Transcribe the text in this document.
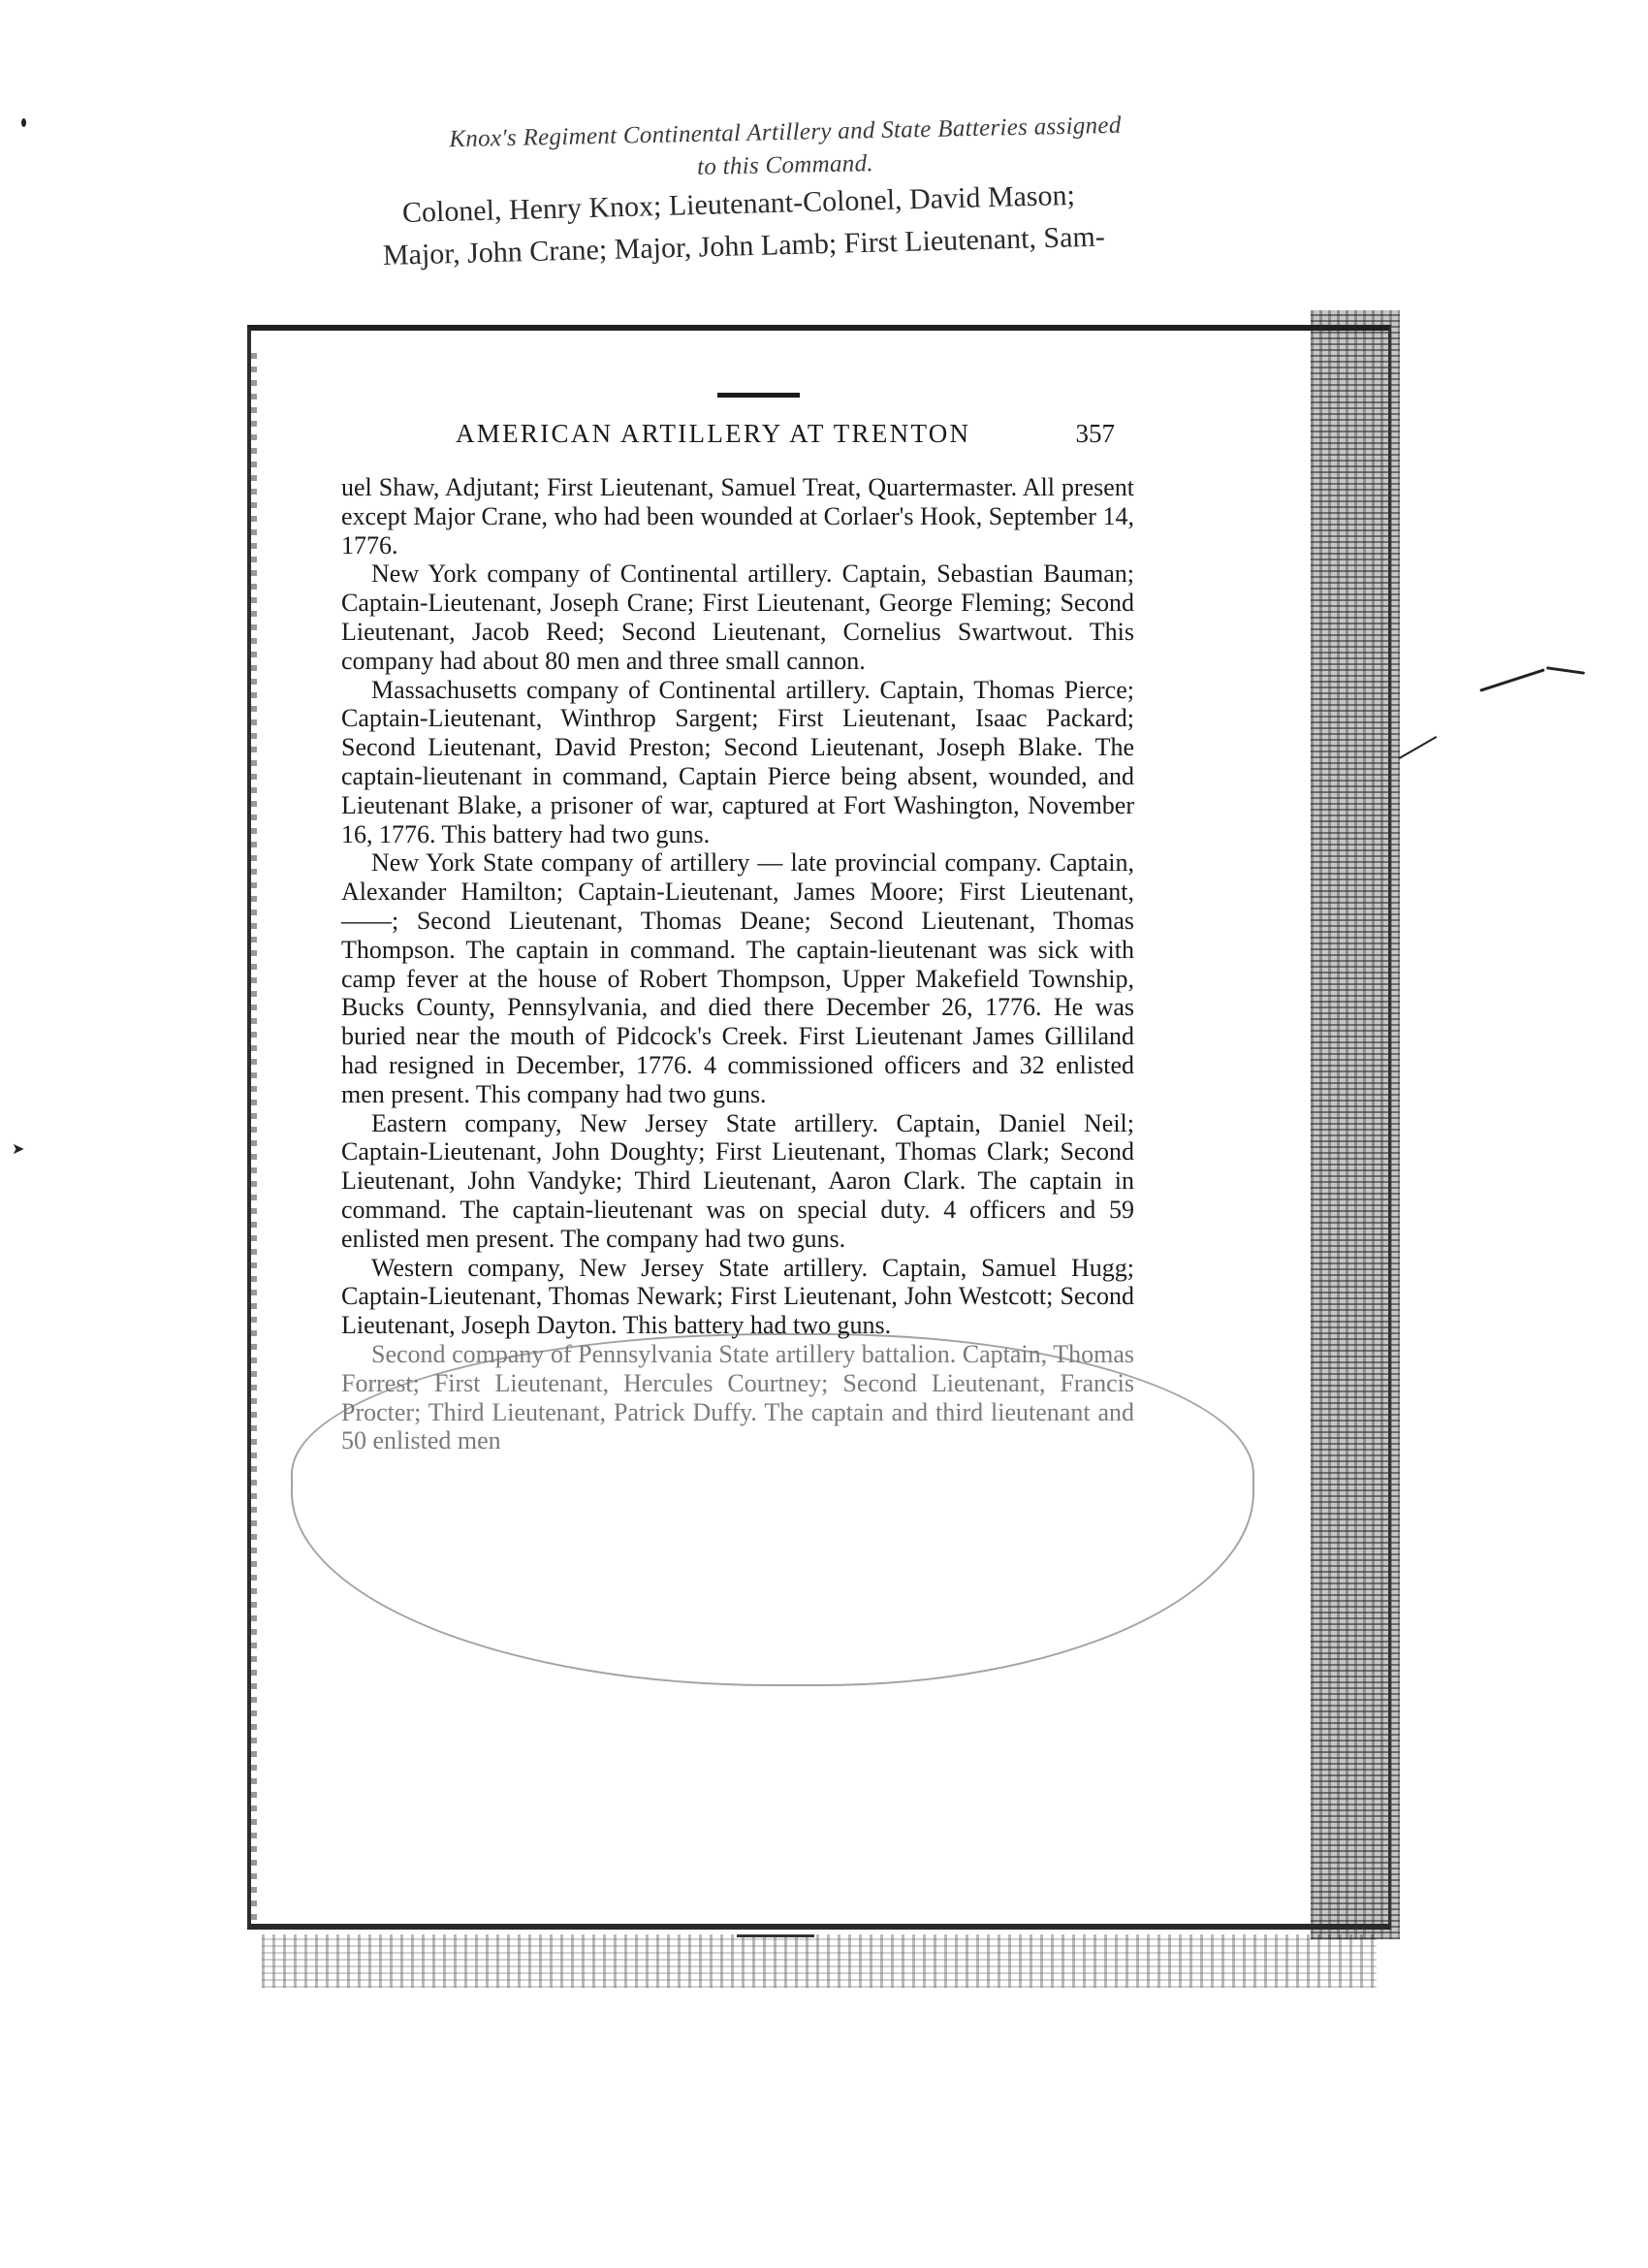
➤
Knox's Regiment Continental Artillery and State Batteries assigned
to this Command.
Colonel, Henry Knox; Lieutenant-Colonel, David Mason;
Major, John Crane; Major, John Lamb; First Lieutenant, Sam-
AMERICAN ARTILLERY AT TRENTON	357

uel Shaw, Adjutant; First Lieutenant, Samuel Treat, Quartermaster. All present except Major Crane, who had been wounded at Corlaer's Hook, September 14, 1776.

New York company of Continental artillery. Captain, Sebastian Bauman; Captain-Lieutenant, Joseph Crane; First Lieutenant, George Fleming; Second Lieutenant, Jacob Reed; Second Lieutenant, Cornelius Swartwout. This company had about 80 men and three small cannon.

Massachusetts company of Continental artillery. Captain, Thomas Pierce; Captain-Lieutenant, Winthrop Sargent; First Lieutenant, Isaac Packard; Second Lieutenant, David Preston; Second Lieutenant, Joseph Blake. The captain-lieutenant in command, Captain Pierce being absent, wounded, and Lieutenant Blake, a prisoner of war, captured at Fort Washington, November 16, 1776. This battery had two guns.

New York State company of artillery — late provincial company. Captain, Alexander Hamilton; Captain-Lieutenant, James Moore; First Lieutenant, ——; Second Lieutenant, Thomas Deane; Second Lieutenant, Thomas Thompson. The captain in command. The captain-lieutenant was sick with camp fever at the house of Robert Thompson, Upper Makefield Township, Bucks County, Pennsylvania, and died there December 26, 1776. He was buried near the mouth of Pidcock's Creek. First Lieutenant James Gilliland had resigned in December, 1776. 4 commissioned officers and 32 enlisted men present. This company had two guns.

Eastern company, New Jersey State artillery. Captain, Daniel Neil; Captain-Lieutenant, John Doughty; First Lieutenant, Thomas Clark; Second Lieutenant, John Vandyke; Third Lieutenant, Aaron Clark. The captain in command. The captain-lieutenant was on special duty. 4 officers and 59 enlisted men present. The company had two guns.

Western company, New Jersey State artillery. Captain, Samuel Hugg; Captain-Lieutenant, Thomas Newark; First Lieutenant, John Westcott; Second Lieutenant, Joseph Dayton. This battery had two guns.

Second company of Pennsylvania State artillery battalion. Captain, Thomas Forrest; First Lieutenant, Hercules Courtney; Second Lieutenant, Francis Procter; Third Lieutenant, Patrick Duffy. The captain and third lieutenant and 50 enlisted men
